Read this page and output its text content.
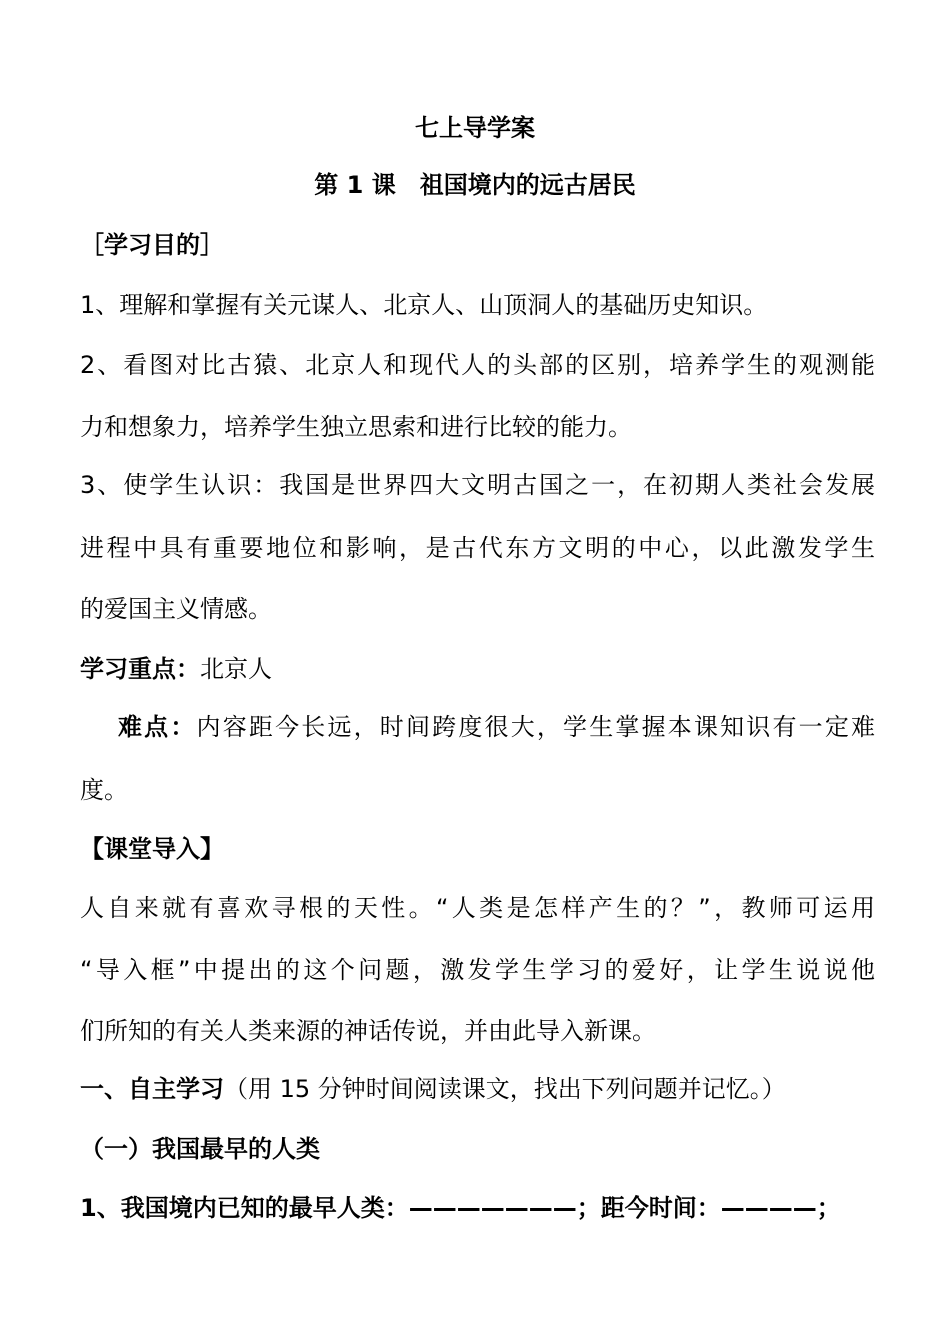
七上导学案
第 1 课　祖国境内的远古居民
［学习目的］
1、理解和掌握有关元谋人、北京人、山顶洞人的基础历史知识。
2、看图对比古猿、北京人和现代人的头部的区别，培养学生的观测能
力和想象力，培养学生独立思索和进行比较的能力。
3、使学生认识：我国是世界四大文明古国之一，在初期人类社会发展
进程中具有重要地位和影响，是古代东方文明的中心，以此激发学生
的爱国主义情感。
学习重点：北京人
难点：内容距今长远，时间跨度很大，学生掌握本课知识有一定难
度。
【课堂导入】
人自来就有喜欢寻根的天性。“人类是怎样产生的？”，教师可运用
“导入框”中提出的这个问题，激发学生学习的爱好，让学生说说他
们所知的有关人类来源的神话传说，并由此导入新课。
一、自主学习（用 15 分钟时间阅读课文，找出下列问题并记忆。）
（一）我国最早的人类
1、我国境内已知的最早人类：———————；距今时间：————；
